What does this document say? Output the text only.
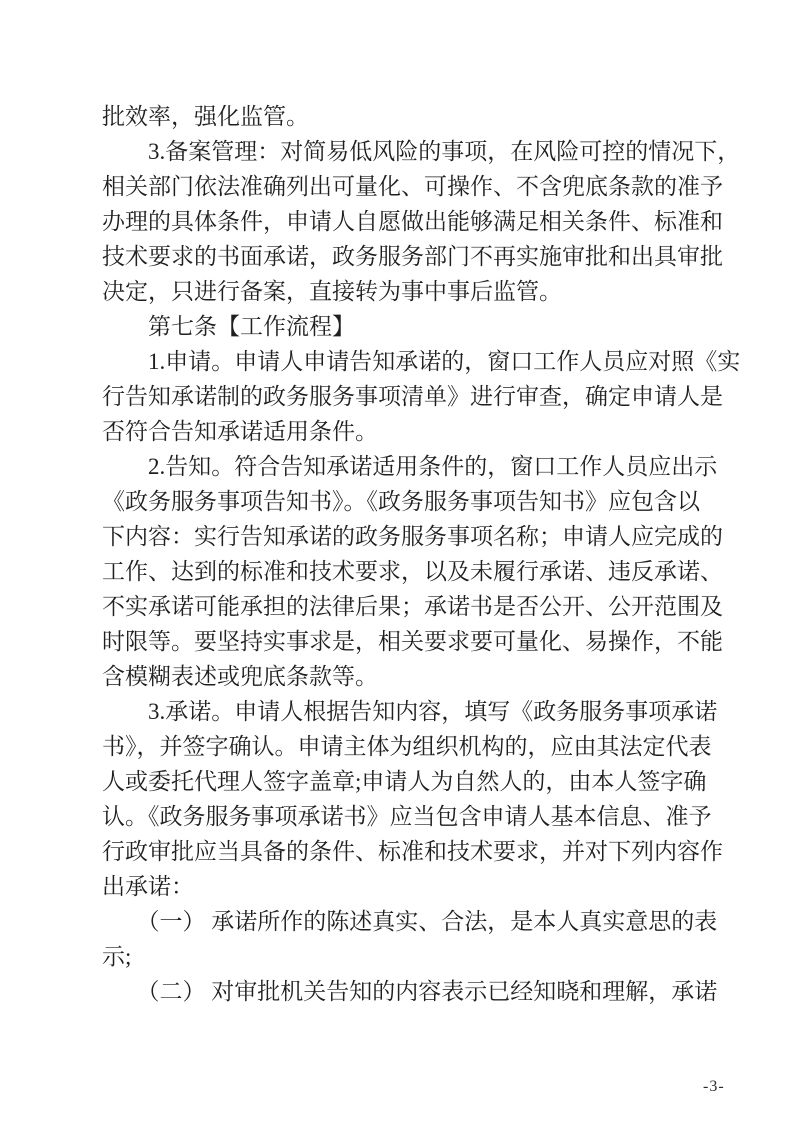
批效率，强化监管。
　　3.备案管理：对简易低风险的事项，在风险可控的情况下，
相关部门依法准确列出可量化、可操作、不含兜底条款的准予
办理的具体条件，申请人自愿做出能够满足相关条件、标准和
技术要求的书面承诺，政务服务部门不再实施审批和出具审批
决定，只进行备案，直接转为事中事后监管。
　　第七条【工作流程】
　　1.申请。申请人申请告知承诺的，窗口工作人员应对照《实
行告知承诺制的政务服务事项清单》进行审查，确定申请人是
否符合告知承诺适用条件。
　　2.告知。符合告知承诺适用条件的，窗口工作人员应出示
《政务服务事项告知书》。《政务服务事项告知书》应包含以
下内容：实行告知承诺的政务服务事项名称；申请人应完成的
工作、达到的标准和技术要求，以及未履行承诺、违反承诺、
不实承诺可能承担的法律后果；承诺书是否公开、公开范围及
时限等。要坚持实事求是，相关要求要可量化、易操作，不能
含模糊表述或兜底条款等。
　　3.承诺。申请人根据告知内容，填写《政务服务事项承诺
书》，并签字确认。申请主体为组织机构的，应由其法定代表
人或委托代理人签字盖章;申请人为自然人的，由本人签字确
认。《政务服务事项承诺书》应当包含申请人基本信息、准予
行政审批应当具备的条件、标准和技术要求，并对下列内容作
出承诺：
　　（一） 承诺所作的陈述真实、合法，是本人真实意思的表
示;
　　（二） 对审批机关告知的内容表示已经知晓和理解，承诺
-3-
